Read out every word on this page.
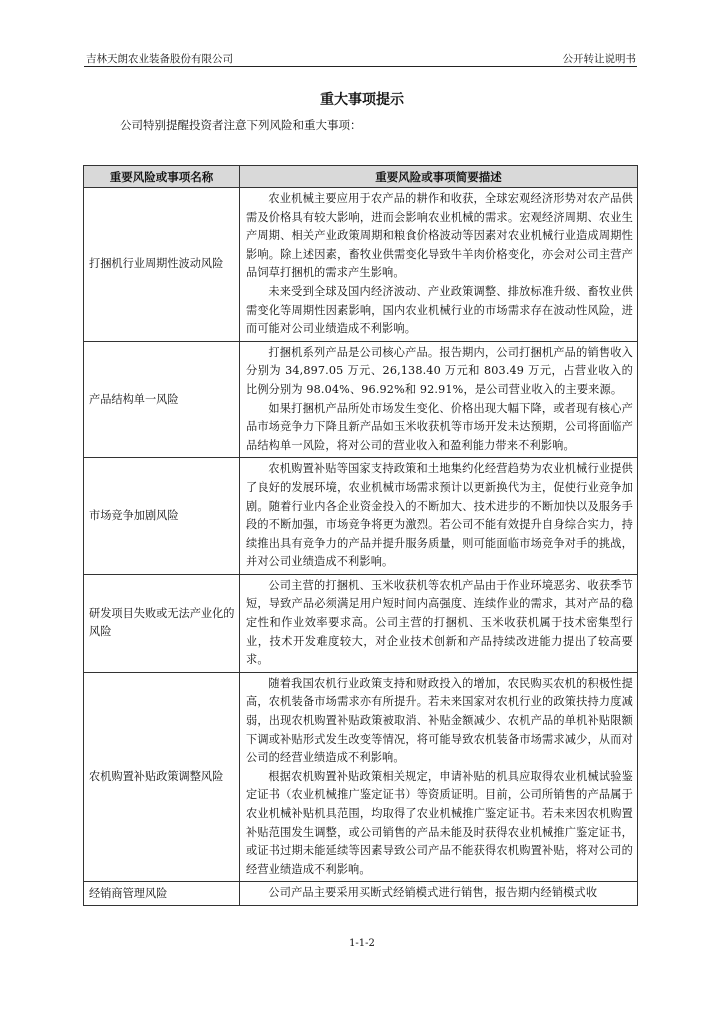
吉林天朗农业装备股份有限公司	公开转让说明书
重大事项提示
公司特别提醒投资者注意下列风险和重大事项：
重要风险或事项名称	重要风险或事项简要描述
打捆机行业周期性波动风险	农业机械主要应用于农产品的耕作和收获，全球宏观经济形势对农产品供需及价格具有较大影响，进而会影响农业机械的需求。宏观经济周期、农业生产周期、相关产业政策周期和粮食价格波动等因素对农业机械行业造成周期性影响。除上述因素，畜牧业供需变化导致牛羊肉价格变化，亦会对公司主营产品饲草打捆机的需求产生影响。

未来受到全球及国内经济波动、产业政策调整、排放标准升级、畜牧业供需变化等周期性因素影响，国内农业机械行业的市场需求存在波动性风险，进而可能对公司业绩造成不利影响。

产品结构单一风险	打捆机系列产品是公司核心产品。报告期内，公司打捆机产品的销售收入分别为 34,897.05 万元、26,138.40 万元和 803.49 万元，占营业收入的比例分别为 98.04%、96.92%和 92.91%，是公司营业收入的主要来源。

如果打捆机产品所处市场发生变化、价格出现大幅下降，或者现有核心产品市场竞争力下降且新产品如玉米收获机等市场开发未达预期，公司将面临产品结构单一风险，将对公司的营业收入和盈利能力带来不利影响。

市场竞争加剧风险	农机购置补贴等国家支持政策和土地集约化经营趋势为农业机械行业提供了良好的发展环境，农业机械市场需求预计以更新换代为主，促使行业竞争加剧。随着行业内各企业资金投入的不断加大、技术进步的不断加快以及服务手段的不断加强，市场竞争将更为激烈。若公司不能有效提升自身综合实力，持续推出具有竞争力的产品并提升服务质量，则可能面临市场竞争对手的挑战，并对公司业绩造成不利影响。

研发项目失败或无法产业化的风险	公司主营的打捆机、玉米收获机等农机产品由于作业环境恶劣、收获季节短，导致产品必须满足用户短时间内高强度、连续作业的需求，其对产品的稳定性和作业效率要求高。公司主营的打捆机、玉米收获机属于技术密集型行业，技术开发难度较大，对企业技术创新和产品持续改进能力提出了较高要求。

农机购置补贴政策调整风险	随着我国农机行业政策支持和财政投入的增加，农民购买农机的积极性提高，农机装备市场需求亦有所提升。若未来国家对农机行业的政策扶持力度减弱，出现农机购置补贴政策被取消、补贴金额减少、农机产品的单机补贴限额下调或补贴形式发生改变等情况，将可能导致农机装备市场需求减少，从而对公司的经营业绩造成不利影响。

根据农机购置补贴政策相关规定，申请补贴的机具应取得农业机械试验鉴定证书（农业机械推广鉴定证书）等资质证明。目前，公司所销售的产品属于农业机械补贴机具范围，均取得了农业机械推广鉴定证书。若未来因农机购置补贴范围发生调整，或公司销售的产品未能及时获得农业机械推广鉴定证书，或证书过期未能延续等因素导致公司产品不能获得农机购置补贴，将对公司的经营业绩造成不利影响。

经销商管理风险	公司产品主要采用买断式经销模式进行销售，报告期内经销模式收

1-1-2
